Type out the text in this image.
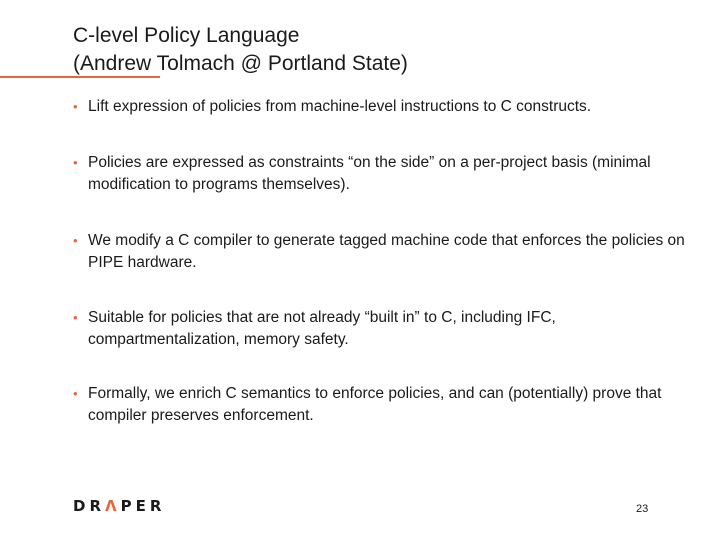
C-level Policy Language
(Andrew Tolmach @ Portland State)
• Lift expression of policies from machine-level instructions to C constructs.
• Policies are expressed as constraints “on the side” on a per-project basis (minimal modification to programs themselves).
• We modify a C compiler to generate tagged machine code that enforces the policies on PIPE hardware.
• Suitable for policies that are not already “built in” to C, including IFC, compartmentalization, memory safety.
• Formally, we enrich C semantics to enforce policies, and can (potentially) prove that compiler preserves enforcement.
DRΛPER	23
